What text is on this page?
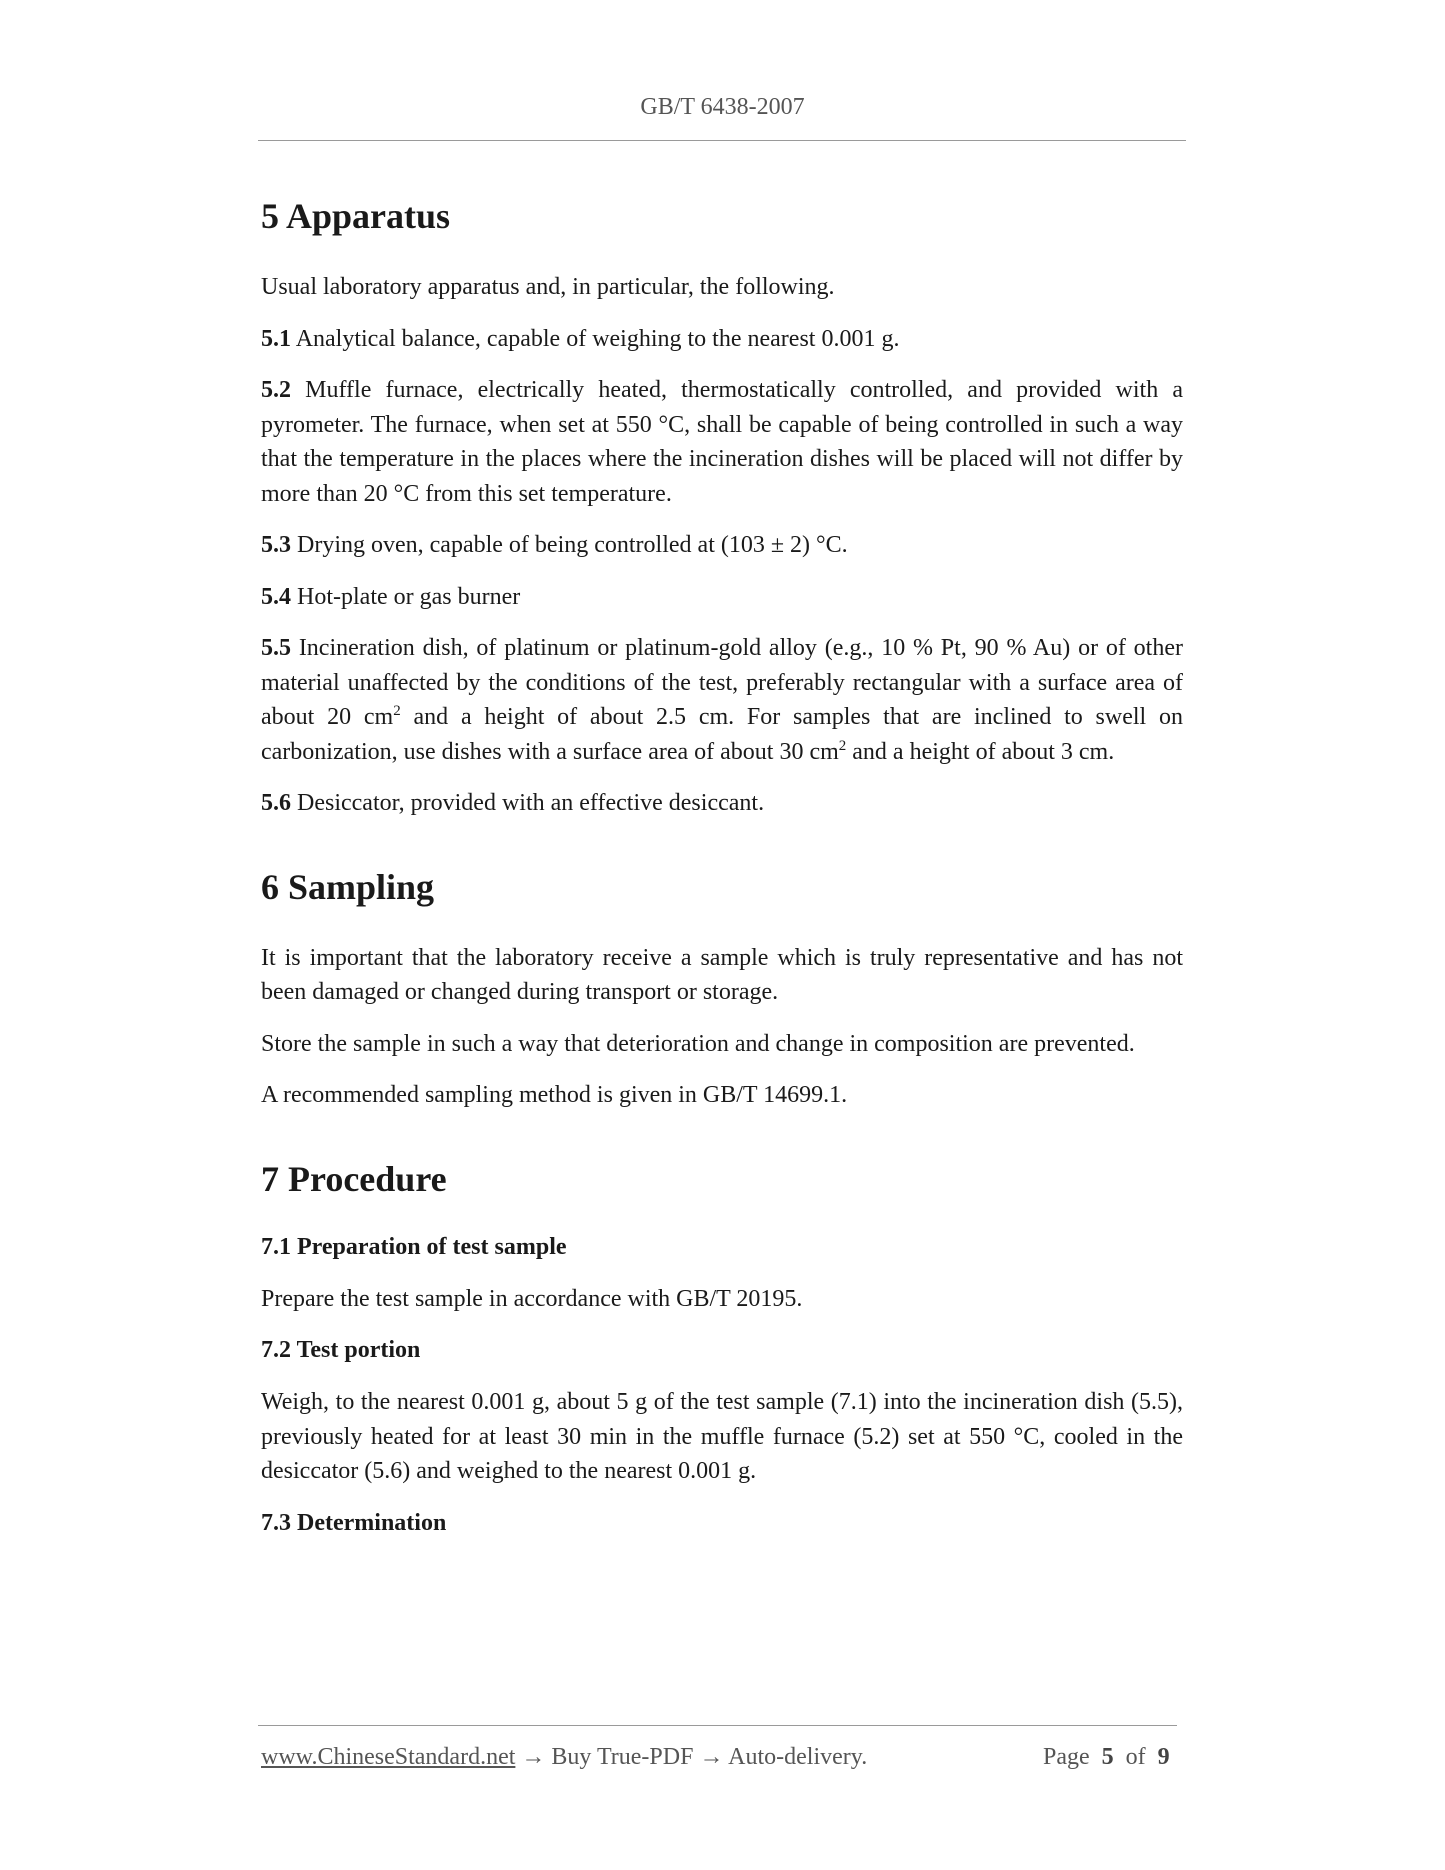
GB/T 6438-2007
5 Apparatus

Usual laboratory apparatus and, in particular, the following.

5.1 Analytical balance, capable of weighing to the nearest 0.001 g.

5.2 Muffle furnace, electrically heated, thermostatically controlled, and provided with a pyrometer. The furnace, when set at 550 °C, shall be capable of being controlled in such a way that the temperature in the places where the incineration dishes will be placed will not differ by more than 20 °C from this set temperature.

5.3 Drying oven, capable of being controlled at (103 ± 2) °C.

5.4 Hot-plate or gas burner

5.5 Incineration dish, of platinum or platinum-gold alloy (e.g., 10 % Pt, 90 % Au) or of other material unaffected by the conditions of the test, preferably rectangular with a surface area of about 20 $cm^2$ and a height of about 2.5 cm. For samples that are inclined to swell on carbonization, use dishes with a surface area of about 30 $cm^2$ and a height of about 3 cm.

5.6 Desiccator, provided with an effective desiccant.

6 Sampling

It is important that the laboratory receive a sample which is truly representative and has not been damaged or changed during transport or storage.

Store the sample in such a way that deterioration and change in composition are prevented.

A recommended sampling method is given in GB/T 14699.1.

7 Procedure
7.1 Preparation of test sample

Prepare the test sample in accordance with GB/T 20195.

7.2 Test portion

Weigh, to the nearest 0.001 g, about 5 g of the test sample (7.1) into the incineration dish (5.5), previously heated for at least 30 min in the muffle furnace (5.2) set at 550 °C, cooled in the desiccator (5.6) and weighed to the nearest 0.001 g.

7.3 Determination
www.ChineseStandard.net → Buy True-PDF → Auto-delivery.	Page 5 of 9
